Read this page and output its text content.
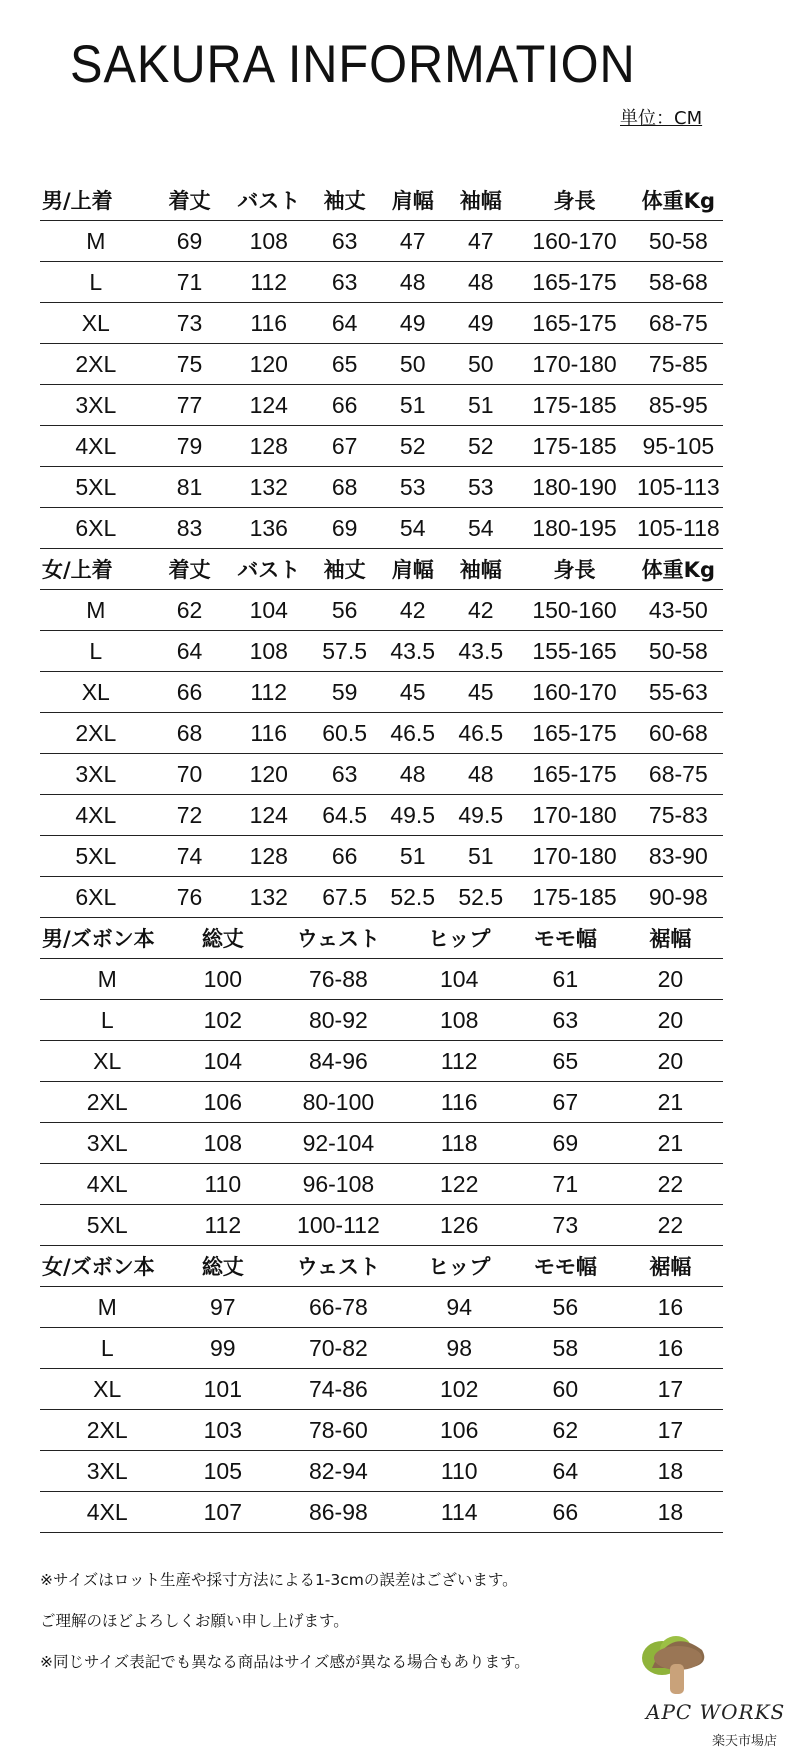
SAKURA INFORMATION
単位：CM
男/上着	着丈	バスト	袖丈	肩幅	袖幅	身長	体重Kg
M	69	108	63	47	47	160-170	50-58
L	71	112	63	48	48	165-175	58-68
XL	73	116	64	49	49	165-175	68-75
2XL	75	120	65	50	50	170-180	75-85
3XL	77	124	66	51	51	175-185	85-95
4XL	79	128	67	52	52	175-185	95-105
5XL	81	132	68	53	53	180-190	105-113
6XL	83	136	69	54	54	180-195	105-118
女/上着	着丈	バスト	袖丈	肩幅	袖幅	身長	体重Kg
M	62	104	56	42	42	150-160	43-50
L	64	108	57.5	43.5	43.5	155-165	50-58
XL	66	112	59	45	45	160-170	55-63
2XL	68	116	60.5	46.5	46.5	165-175	60-68
3XL	70	120	63	48	48	165-175	68-75
4XL	72	124	64.5	49.5	49.5	170-180	75-83
5XL	74	128	66	51	51	170-180	83-90
6XL	76	132	67.5	52.5	52.5	175-185	90-98
男/ズボン本	総丈	ウェスト	ヒップ	モモ幅	裾幅
M	100	76-88	104	61	20
L	102	80-92	108	63	20
XL	104	84-96	112	65	20
2XL	106	80-100	116	67	21
3XL	108	92-104	118	69	21
4XL	110	96-108	122	71	22
5XL	112	100-112	126	73	22
女/ズボン本	総丈	ウェスト	ヒップ	モモ幅	裾幅
M	97	66-78	94	56	16
L	99	70-82	98	58	16
XL	101	74-86	102	60	17
2XL	103	78-60	106	62	17
3XL	105	82-94	110	64	18
4XL	107	86-98	114	66	18
※サイズはロット生産や採寸方法による1-3cmの誤差はございます。
ご理解のほどよろしくお願い申し上げます。
※同じサイズ表記でも異なる商品はサイズ感が異なる場合もあります。
APC WORKS
楽天市場店
